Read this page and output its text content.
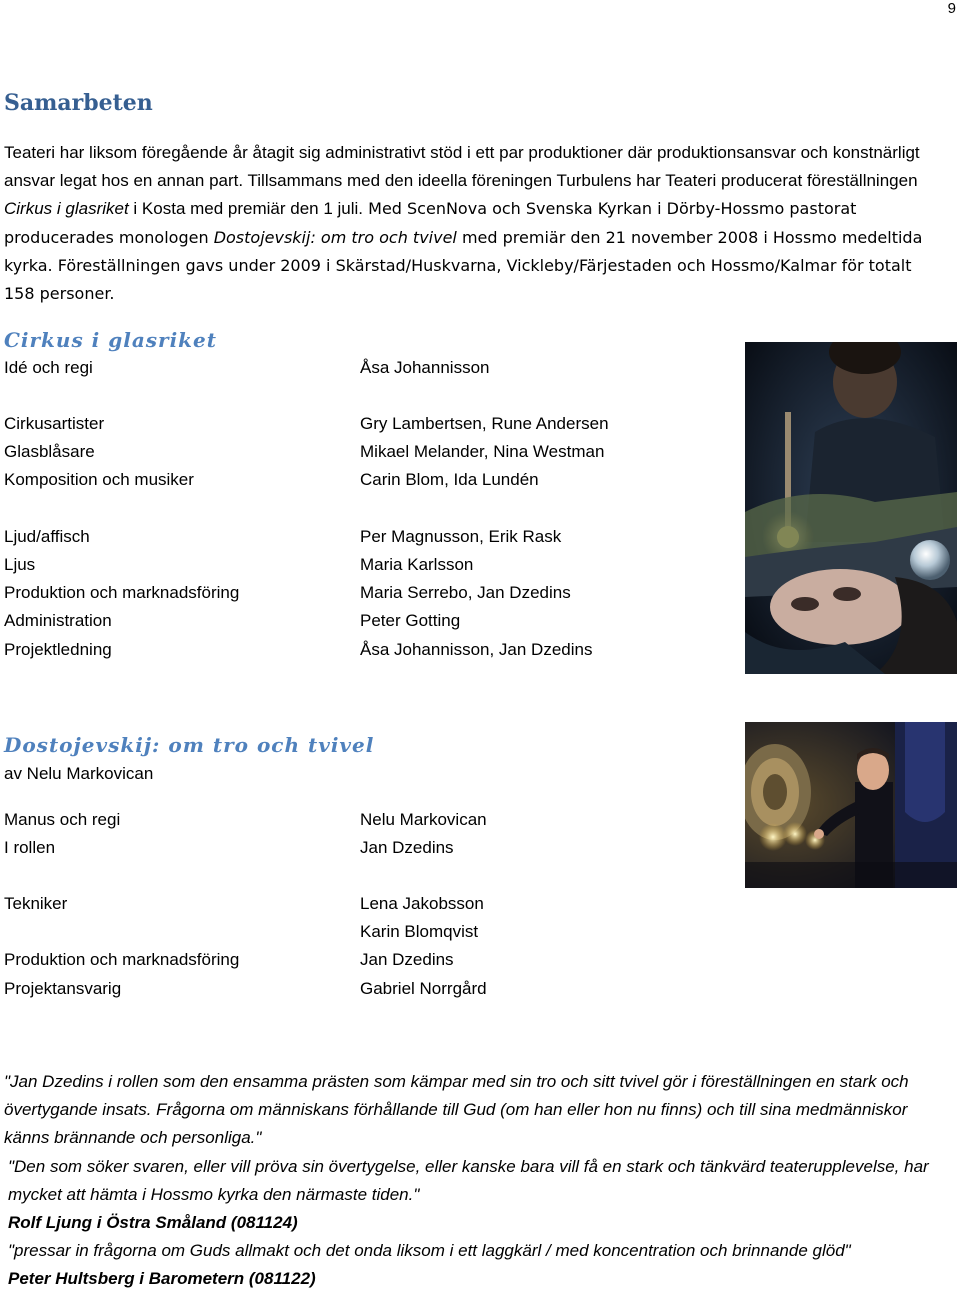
9
Samarbeten

Teateri har liksom föregående år åtagit sig administrativt stöd i ett par produktioner där produktionsansvar och konstnärligt ansvar legat hos en annan part. Tillsammans med den ideella föreningen Turbulens har Teateri producerat föreställningen Cirkus i glasriket i Kosta med premiär den 1 juli. Med ScenNova och Svenska Kyrkan i Dörby-Hossmo pastorat producerades monologen Dostojevskij: om tro och tvivel med premiär den 21 november 2008 i Hossmo medeltida kyrka. Föreställningen gavs under 2009 i Skärstad/Huskvarna, Vickleby/Färjestaden och Hossmo/Kalmar för totalt 158 personer.

Cirkus i glasriket
Idé och regi	Åsa Johannisson
Cirkusartister	Gry Lambertsen, Rune Andersen
Glasblåsare	Mikael Melander, Nina Westman
Komposition och musiker	Carin Blom, Ida Lundén
Ljud/affisch	Per Magnusson, Erik Rask
Ljus	Maria Karlsson
Produktion och marknadsföring	Maria Serrebo, Jan Dzedins
Administration	Peter Gotting
Projektledning	Åsa Johannisson, Jan Dzedins
Dostojevskij: om tro och tvivel
av Nelu Markovican
Manus och regi	Nelu Markovican
I rollen	Jan Dzedins
Tekniker	Lena Jakobsson
Karin Blomqvist
Produktion och marknadsföring	Jan Dzedins
Projektansvarig	Gabriel Norrgård

"Jan Dzedins i rollen som den ensamma prästen som kämpar med sin tro och sitt tvivel gör i föreställningen en stark och övertygande insats. Frågorna om människans förhållande till Gud (om han eller hon nu finns) och till sina medmänniskor känns brännande och personliga."

"Den som söker svaren, eller vill pröva sin övertygelse, eller kanske bara vill få en stark och tänkvärd teaterupplevelse, har mycket att hämta i Hossmo kyrka den närmaste tiden."

Rolf Ljung i Östra Småland (081124)

"pressar in frågorna om Guds allmakt och det onda liksom i ett laggkärl / med koncentration och brinnande glöd"

Peter Hultsberg i Barometern (081122)
